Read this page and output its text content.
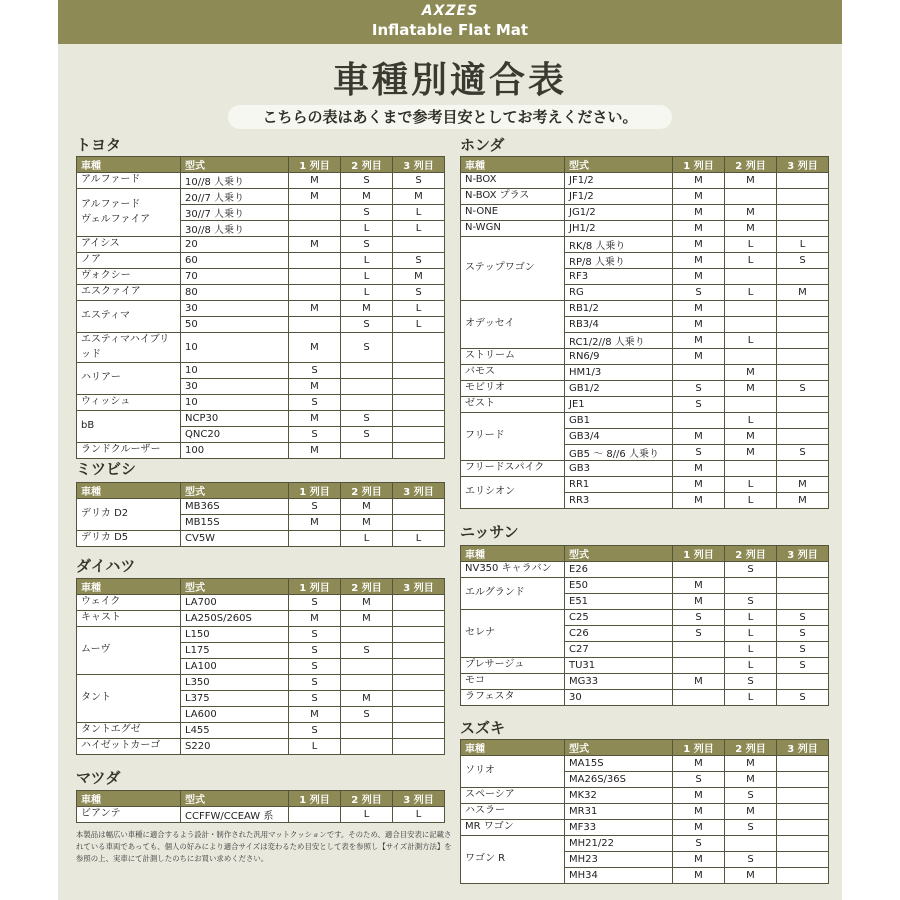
AXZES
Inflatable Flat Mat
車種別適合表
こちらの表はあくまで参考目安としてお考えください。
トヨタ
車種	型式	1 列目	2 列目	3 列目
アルファード	10//8 人乗り	M	S	S
アルファード
ヴェルファイア	20//7 人乗り	M	M	M
	30//7 人乗り		S	L
	30//8 人乗り		L	L
アイシス	20	M	S	
ノア	60		L	S
ヴォクシー	70		L	M
エスクァイア	80		L	S
エスティマ	30	M	M	L
	50		S	L
エスティマハイブリッド	10	M	S	
ハリアー	10	S		
	30	M		
ウィッシュ	10	S		
bB	NCP30	M	S	
	QNC20	S	S	
ランドクルーザー	100	M		
ミツビシ
車種	型式	1 列目	2 列目	3 列目
デリカ D2	MB36S	S	M	
	MB15S	M	M	
デリカ D5	CV5W		L	L
ダイハツ
車種	型式	1 列目	2 列目	3 列目
ウェイク	LA700	S	M	
キャスト	LA250S/260S	M	M	
ムーヴ	L150	S		
	L175	S	S	
	LA100	S		
タント	L350	S		
	L375	S	M	
	LA600	M	S	
タントエグゼ	L455	S		
ハイゼットカーゴ	S220	L		
マツダ
車種	型式	1 列目	2 列目	3 列目
ビアンテ	CCFFW/CCEAW 系		L	L
ホンダ
車種	型式	1 列目	2 列目	3 列目
N-BOX	JF1/2	M	M	
N-BOX プラス	JF1/2	M		
N-ONE	JG1/2	M	M	
N-WGN	JH1/2	M	M	
ステップワゴン	RK/8 人乗り	M	L	L
	RP/8 人乗り	M	L	S
	RF3	M		
	RG	S	L	M
オデッセイ	RB1/2	M		
	RB3/4	M		
	RC1/2//8 人乗り	M	L	
ストリーム	RN6/9	M		
バモス	HM1/3		M	
モビリオ	GB1/2	S	M	S
ゼスト	JE1	S		
フリード	GB1		L	
	GB3/4	M	M	
	GB5 ～ 8//6 人乗り	S	M	S
フリードスパイク	GB3	M		
エリシオン	RR1	M	L	M
	RR3	M	L	M
ニッサン
車種	型式	1 列目	2 列目	3 列目
NV350 キャラバン	E26		S	
エルグランド	E50	M		
	E51	M	S	
セレナ	C25	S	L	S
	C26	S	L	S
	C27		L	S
プレサージュ	TU31		L	S
モコ	MG33	M	S	
ラフェスタ	30		L	S
スズキ
車種	型式	1 列目	2 列目	3 列目
ソリオ	MA15S	M	M	
	MA26S/36S	S	M	
スペーシア	MK32	M	S	
ハスラー	MR31	M	M	
MR ワゴン	MF33	M	S	
ワゴン R	MH21/22	S		
	MH23	M	S	
	MH34	M	M	
本製品は幅広い車種に適合するよう設計・制作された汎用マットクッションです。そのため、適合目安表に記載されている車両であっても、個人の好みにより適合サイズは変わるため目安として表を参照し【サイズ計測方法】を参照の上、実車にて計測したのちにお買い求めください。
